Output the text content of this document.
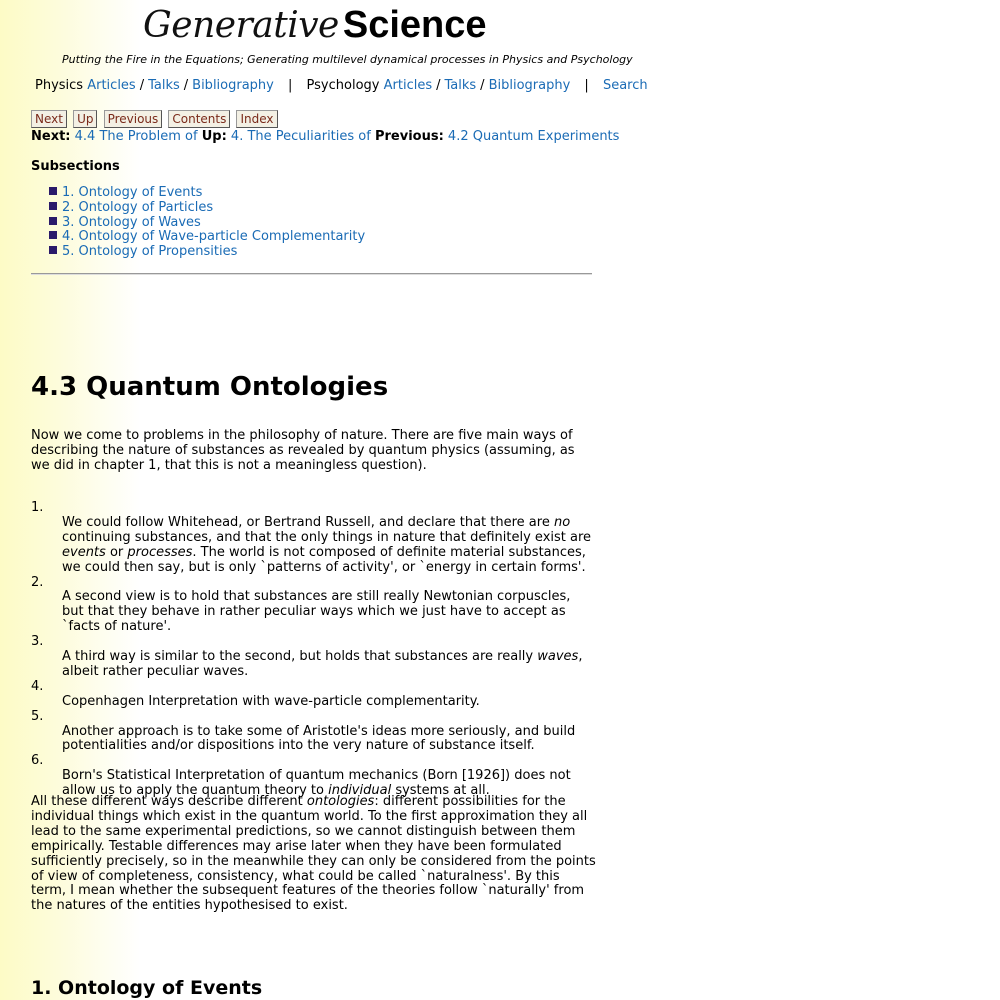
Generative Science
Putting the Fire in the Equations; Generating multilevel dynamical processes in Physics and Psychology
Physics Articles / Talks / Bibliography | Psychology Articles / Talks / Bibliography | Search
Next Up Previous Contents Index
Next: 4.4 The Problem of Up: 4. The Peculiarities of Previous: 4.2 Quantum Experiments
Subsections
1. Ontology of Events
2. Ontology of Particles
3. Ontology of Waves
4. Ontology of Wave-particle Complementarity
5. Ontology of Propensities
4.3 Quantum Ontologies

Now we come to problems in the philosophy of nature. There are five main ways of describing the nature of substances as revealed by quantum physics (assuming, as we did in chapter 1, that this is not a meaningless question).

1.
We could follow Whitehead, or Bertrand Russell, and declare that there are no continuing substances, and that the only things in nature that definitely exist are events or processes. The world is not composed of definite material substances, we could then say, but is only `patterns of activity', or `energy in certain forms'.
2.
A second view is to hold that substances are still really Newtonian corpuscles, but that they behave in rather peculiar ways which we just have to accept as `facts of nature'.
3.
A third way is similar to the second, but holds that substances are really waves, albeit rather peculiar waves.
4.
Copenhagen Interpretation with wave-particle complementarity.
5.
Another approach is to take some of Aristotle's ideas more seriously, and build potentialities and/or dispositions into the very nature of substance itself.
6.
Born's Statistical Interpretation of quantum mechanics (Born [1926]) does not allow us to apply the quantum theory to individual systems at all.

All these different ways describe different ontologies: different possibilities for the individual things which exist in the quantum world. To the first approximation they all lead to the same experimental predictions, so we cannot distinguish between them empirically. Testable differences may arise later when they have been formulated sufficiently precisely, so in the meanwhile they can only be considered from the points of view of completeness, consistency, what could be called `naturalness'. By this term, I mean whether the subsequent features of the theories follow `naturally' from the natures of the entities hypothesised to exist.

1. Ontology of Events
